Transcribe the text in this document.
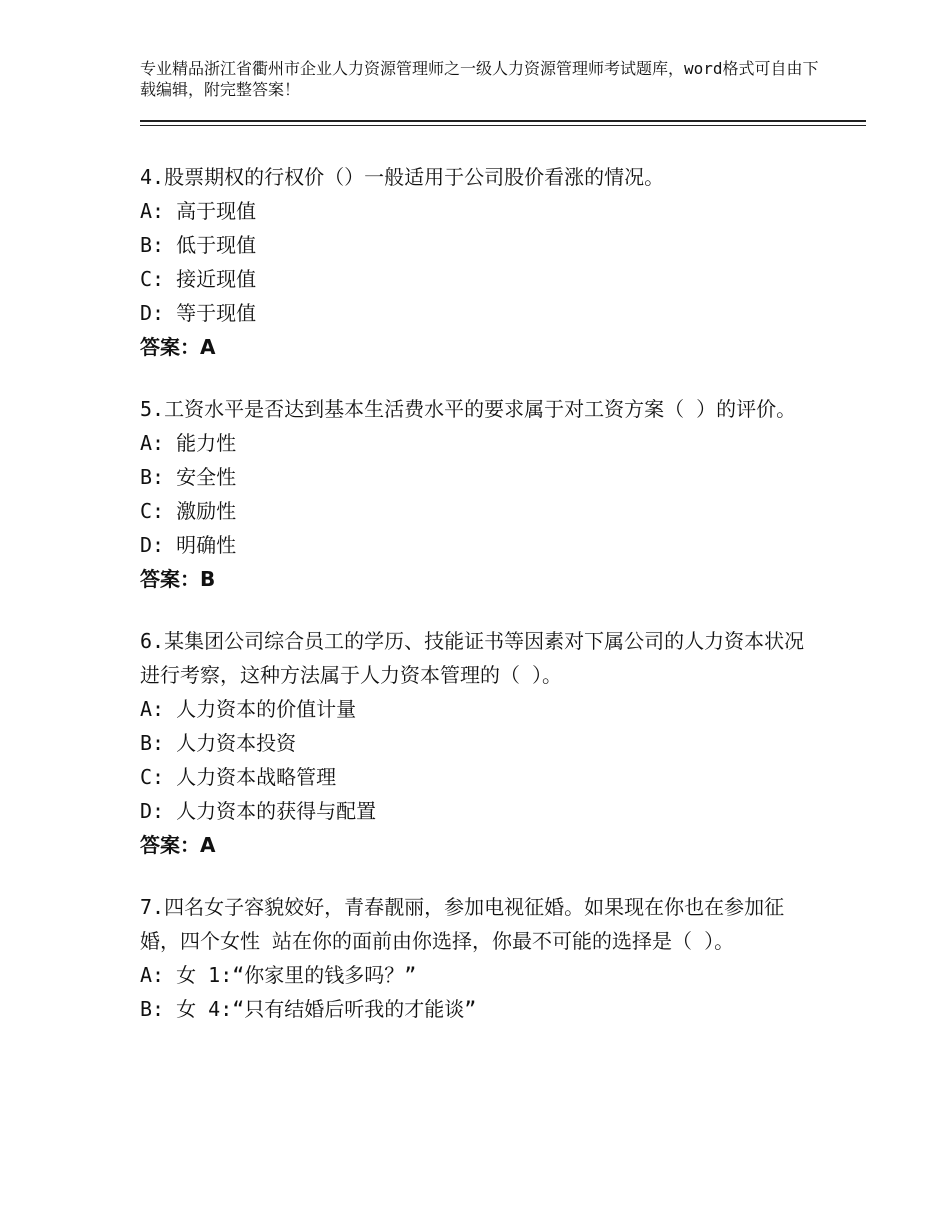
专业精品浙江省衢州市企业人力资源管理师之一级人力资源管理师考试题库，word格式可自由下载编辑，附完整答案！
4.股票期权的行权价（）一般适用于公司股价看涨的情况。
A: 高于现值
B: 低于现值
C: 接近现值
D: 等于现值
答案：A
5.工资水平是否达到基本生活费水平的要求属于对工资方案（ ）的评价。
A: 能力性
B: 安全性
C: 激励性
D: 明确性
答案：B
6.某集团公司综合员工的学历、技能证书等因素对下属公司的人力资本状况进行考察，这种方法属于人力资本管理的（ ）。
A: 人力资本的价值计量
B: 人力资本投资
C: 人力资本战略管理
D: 人力资本的获得与配置
答案：A
7.四名女子容貌姣好，青春靓丽，参加电视征婚。如果现在你也在参加征婚，四个女性 站在你的面前由你选择，你最不可能的选择是（ ）。
A: 女 1:“你家里的钱多吗？”
B: 女 4:“只有结婚后听我的才能谈”
